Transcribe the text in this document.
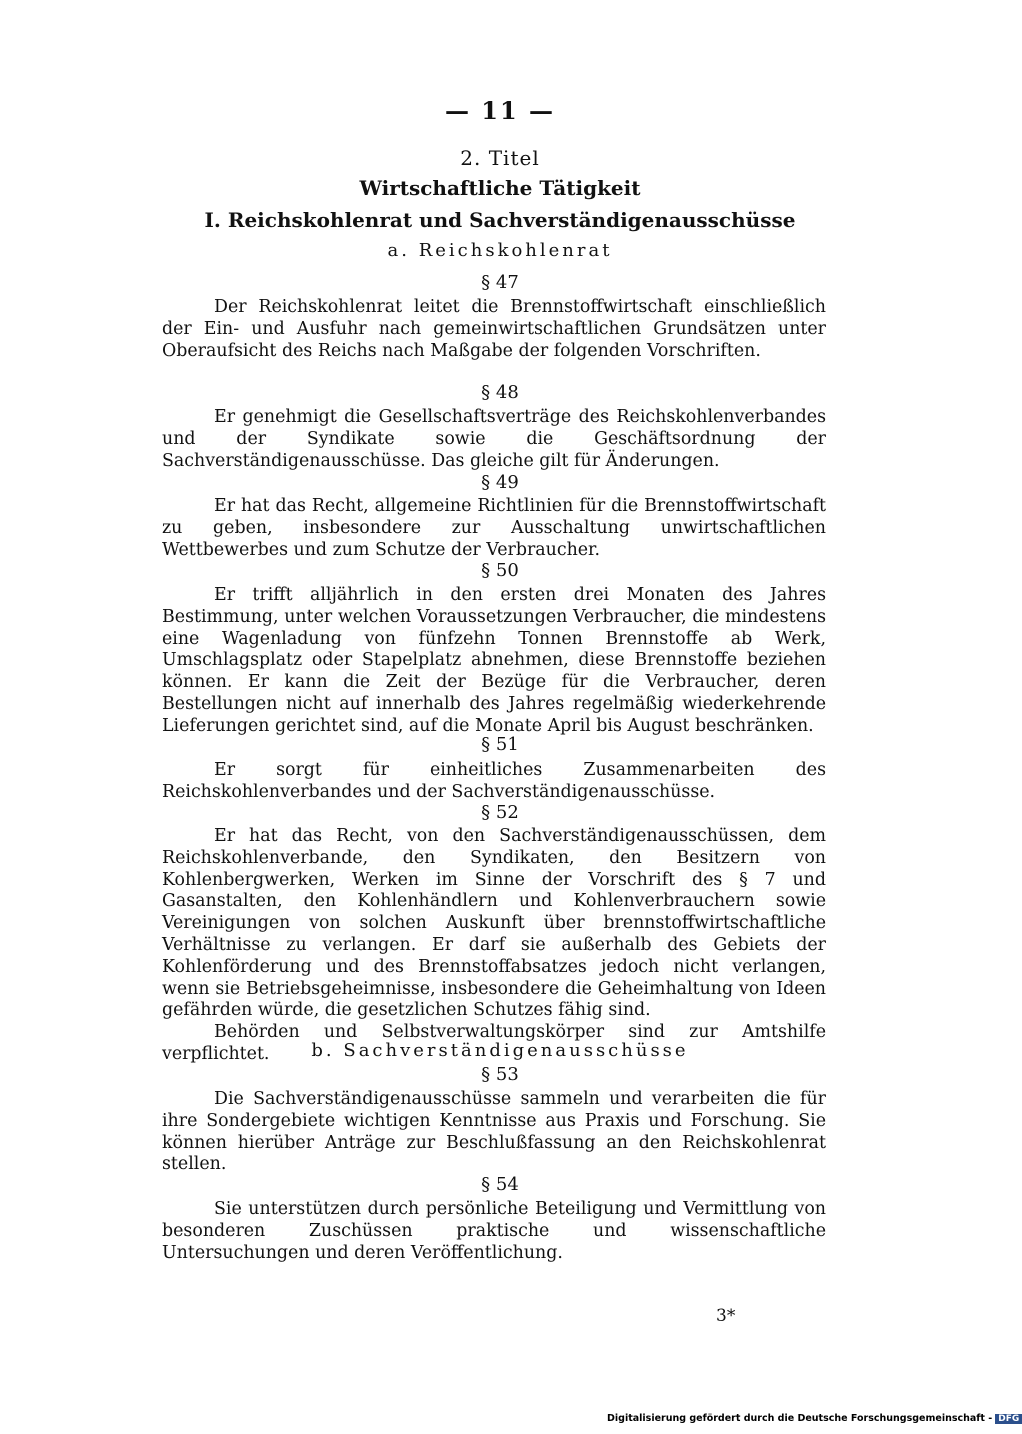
— 11 —
2. Titel
Wirtschaftliche Tätigkeit
I. Reichskohlenrat und Sachverständigenausschüsse
a. Reichskohlenrat
§ 47

Der Reichskohlenrat leitet die Brennstoffwirtschaft einschließlich der Ein- und Ausfuhr nach gemeinwirtschaftlichen Grundsätzen unter Oberaufsicht des Reichs nach Maßgabe der folgenden Vorschriften.

§ 48

Er genehmigt die Gesellschaftsverträge des Reichskohlenverbandes und der Syndikate sowie die Geschäftsordnung der Sachverständigenausschüsse. Das gleiche gilt für Änderungen.

§ 49

Er hat das Recht, allgemeine Richtlinien für die Brennstoffwirtschaft zu geben, insbesondere zur Ausschaltung unwirtschaftlichen Wettbewerbes und zum Schutze der Verbraucher.

§ 50

Er trifft alljährlich in den ersten drei Monaten des Jahres Bestimmung, unter welchen Voraussetzungen Verbraucher, die mindestens eine Wagenladung von fünfzehn Tonnen Brennstoffe ab Werk, Umschlagsplatz oder Stapelplatz abnehmen, diese Brennstoffe beziehen können. Er kann die Zeit der Bezüge für die Verbraucher, deren Bestellungen nicht auf innerhalb des Jahres regelmäßig wiederkehrende Lieferungen gerichtet sind, auf die Monate April bis August beschränken.

§ 51

Er sorgt für einheitliches Zusammenarbeiten des Reichskohlenverbandes und der Sachverständigenausschüsse.

§ 52

Er hat das Recht, von den Sachverständigenausschüssen, dem Reichskohlenverbande, den Syndikaten, den Besitzern von Kohlenbergwerken, Werken im Sinne der Vorschrift des § 7 und Gasanstalten, den Kohlenhändlern und Kohlenverbrauchern sowie Vereinigungen von solchen Auskunft über brennstoffwirtschaftliche Verhältnisse zu verlangen. Er darf sie außerhalb des Gebiets der Kohlenförderung und des Brennstoffabsatzes jedoch nicht verlangen, wenn sie Betriebsgeheimnisse, insbesondere die Geheimhaltung von Ideen gefährden würde, die gesetzlichen Schutzes fähig sind.

Behörden und Selbstverwaltungskörper sind zur Amtshilfe verpflichtet.	b. Sachverständigenausschüsse
§ 53

Die Sachverständigenausschüsse sammeln und verarbeiten die für ihre Sondergebiete wichtigen Kenntnisse aus Praxis und Forschung. Sie können hierüber Anträge zur Beschlußfassung an den Reichskohlenrat stellen.

§ 54

Sie unterstützen durch persönliche Beteiligung und Vermittlung von besonderen Zuschüssen praktische und wissenschaftliche Untersuchungen und deren Veröffentlichung.

3*
Digitalisierung gefördert durch die Deutsche Forschungsgemeinschaft - DFG
